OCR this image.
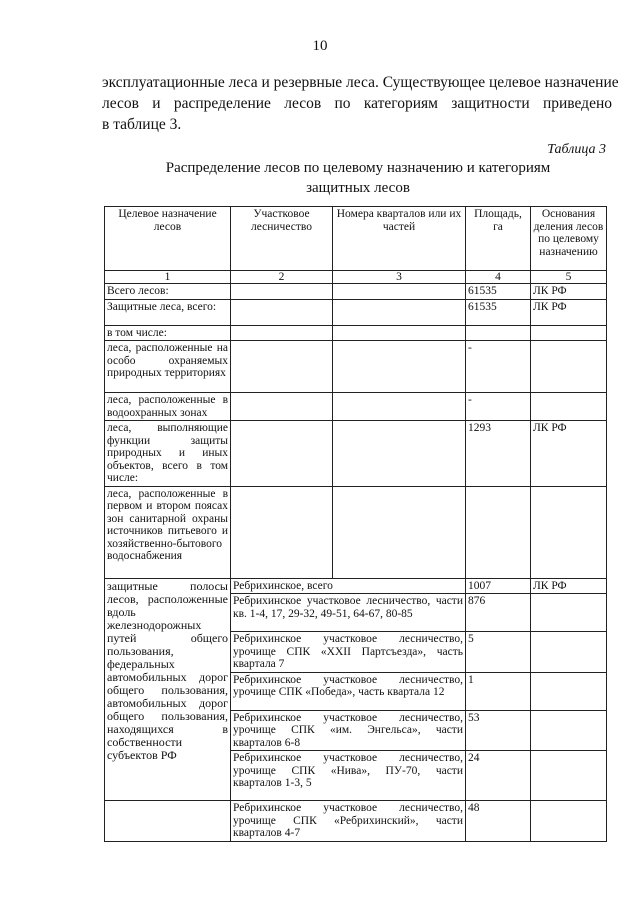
10
эксплуатационные леса и резервные леса. Существующее целевое назначение
лесов и распределение лесов по категориям защитности приведено
в таблице 3.
Таблица 3
Распределение лесов по целевому назначению и категориям
защитных лесов
Целевое назначение лесов	Участковое лесничество	Номера кварталов или их частей	Площадь, га	Основания деления лесов по целевому назначению
1	2	3	4	5
Всего лесов:			61535	ЛК РФ
Защитные леса, всего:			61535	ЛК РФ
в том числе:				
леса, расположенные на особо охраняемых природных территориях			-	
леса, расположенные в водоохранных зонах			-	
леса, выполняющие функции защиты природных и иных объектов, всего в том числе:			1293	ЛК РФ
леса, расположенные в первом и втором поясах зон санитарной охраны источников питьевого и хозяйственно-бытового водоснабжения				
защитные полосы лесов, расположенные вдоль железнодорожных путей общего пользования, федеральных автомобильных дорог общего пользования, автомобильных дорог общего пользования, находящихся в собственности субъектов РФ	Ребрихинское, всего		1007	ЛК РФ
	Ребрихинское участковое лесничество, части кв. 1-4, 17, 29-32, 49-51, 64-67, 80-85		876	
	Ребрихинское участковое лесничество, урочище СПК «XXII Партсъезда», часть квартала 7		5	
	Ребрихинское участковое лесничество, урочище СПК «Победа», часть квартала 12		1	
	Ребрихинское участковое лесничество, урочище СПК «им. Энгельса», части кварталов 6-8		53	
	Ребрихинское участковое лесничество, урочище СПК «Нива», ПУ-70, части кварталов 1-3, 5		24	
	Ребрихинское участковое лесничество, урочище СПК «Ребрихинский», части кварталов 4-7		48	
